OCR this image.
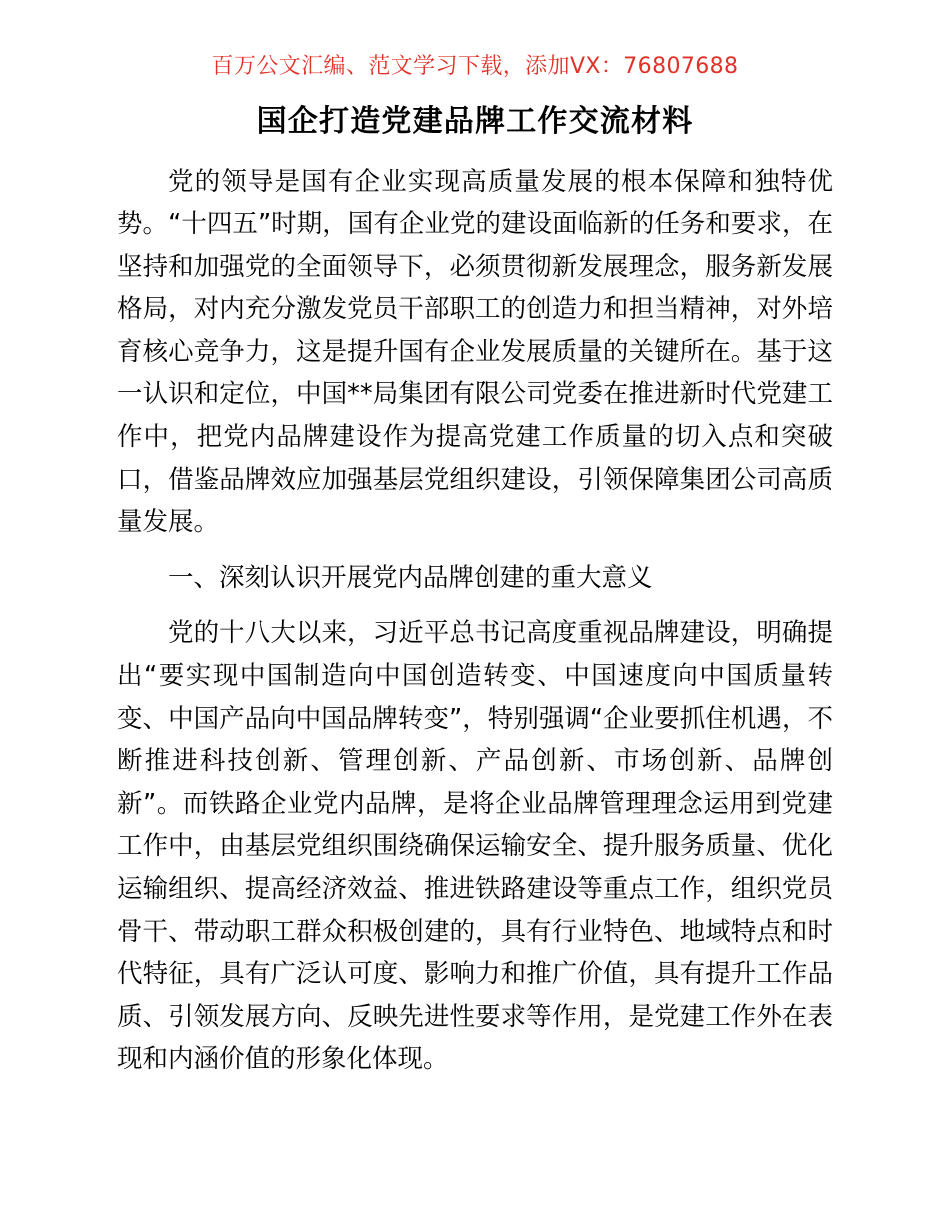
百万公文汇编、范文学习下载，添加VX：76807688
国企打造党建品牌工作交流材料

党的领导是国有企业实现高质量发展的根本保障和独特优势。“十四五”时期，国有企业党的建设面临新的任务和要求，在坚持和加强党的全面领导下，必须贯彻新发展理念，服务新发展格局，对内充分激发党员干部职工的创造力和担当精神，对外培育核心竞争力，这是提升国有企业发展质量的关键所在。基于这一认识和定位，中国**局集团有限公司党委在推进新时代党建工作中，把党内品牌建设作为提高党建工作质量的切入点和突破口，借鉴品牌效应加强基层党组织建设，引领保障集团公司高质量发展。

一、深刻认识开展党内品牌创建的重大意义

党的十八大以来，习近平总书记高度重视品牌建设，明确提出“要实现中国制造向中国创造转变、中国速度向中国质量转变、中国产品向中国品牌转变”，特别强调“企业要抓住机遇，不断推进科技创新、管理创新、产品创新、市场创新、品牌创新”。而铁路企业党内品牌，是将企业品牌管理理念运用到党建工作中，由基层党组织围绕确保运输安全、提升服务质量、优化运输组织、提高经济效益、推进铁路建设等重点工作，组织党员骨干、带动职工群众积极创建的，具有行业特色、地域特点和时代特征，具有广泛认可度、影响力和推广价值，具有提升工作品质、引领发展方向、反映先进性要求等作用，是党建工作外在表现和内涵价值的形象化体现。
